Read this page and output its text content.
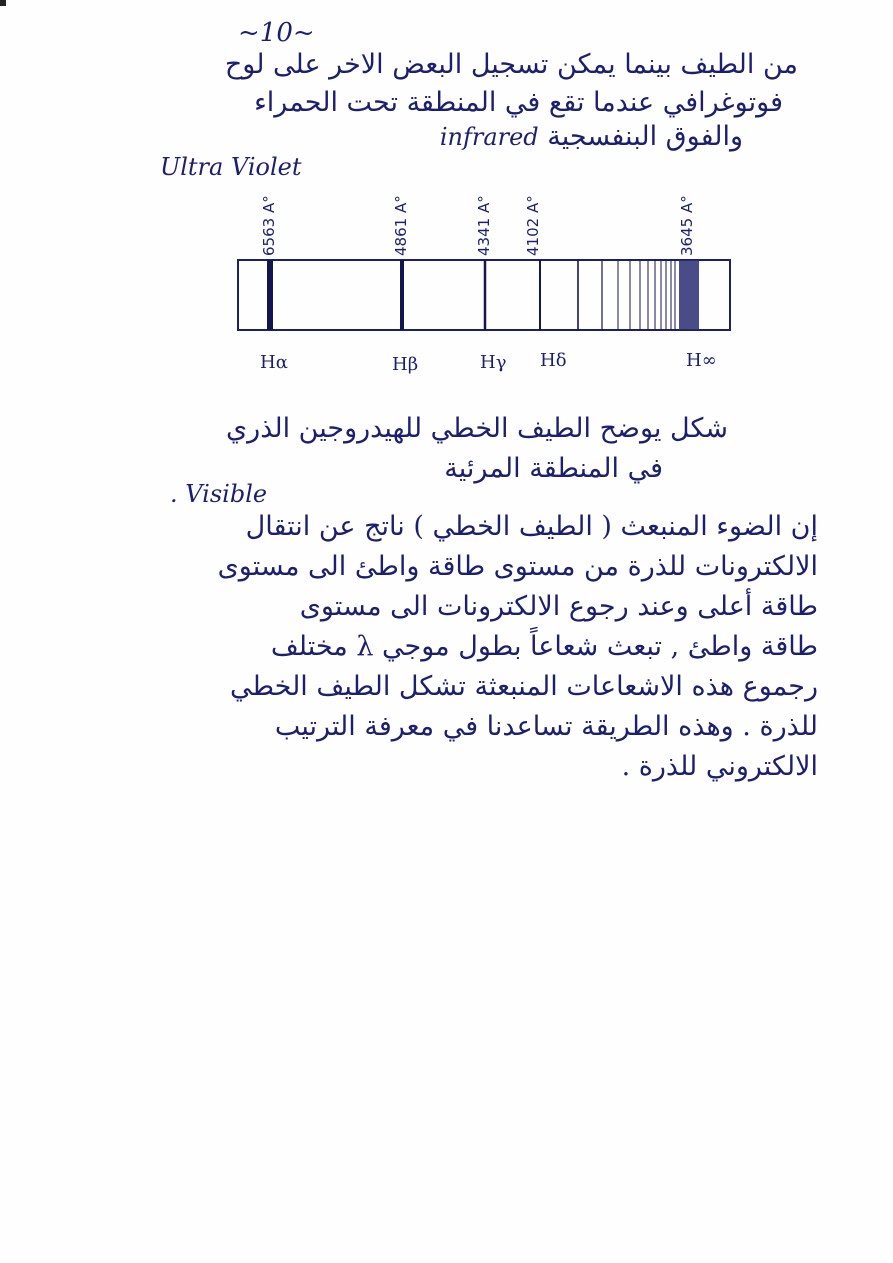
~10~
من الطيف بينما يمكن تسجيل البعض الاخر على لوح
فوتوغرافي عندما تقع في المنطقة تحت الحمراء
infrared والفوق البنفسجية
Ultra Violet
6563 A°	4861 A°	4341 A° 4102 A°	3645 A°
Hα	Hβ	Hγ Hδ	H∞
شكل يوضح الطيف الخطي للهيدروجين الذري
في المنطقة المرئية
. Visible
إن الضوء المنبعث ( الطيف الخطي ) ناتج عن انتقال
الالكترونات للذرة من مستوى طاقة واطئ الى مستوى
طاقة أعلى وعند رجوع الالكترونات الى مستوى
طاقة واطئ , تبعث شعاعاً بطول موجي λ مختلف
رجموع هذه الاشعاعات المنبعثة تشكل الطيف الخطي
للذرة . وهذه الطريقة تساعدنا في معرفة الترتيب
الالكتروني للذرة .
